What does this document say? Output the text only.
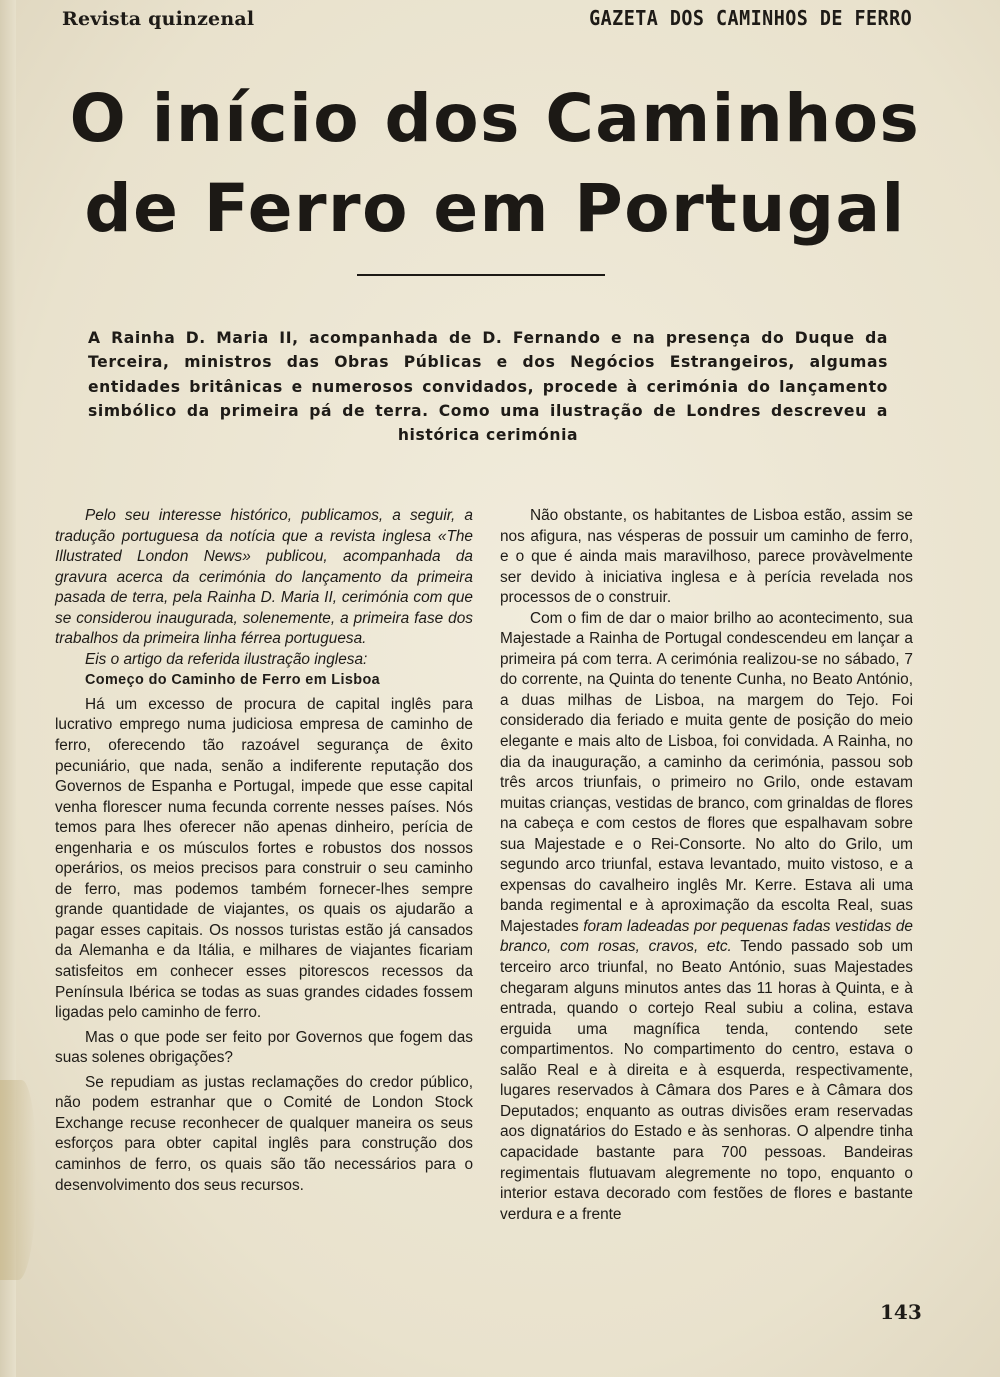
Revista quinzenal	GAZETA DOS CAMINHOS DE FERRO
O início dos Caminhos de Ferro em Portugal
A Rainha D. Maria II, acompanhada de D. Fernando e na presença do Duque da Terceira, ministros das Obras Públicas e dos Negócios Estrangeiros, algumas entidades britânicas e numerosos convidados, procede à cerimónia do lançamento simbólico da primeira pá de terra. Como uma ilustração de Londres descreveu a histórica cerimónia

Pelo seu interesse histórico, publicamos, a seguir, a tradução portuguesa da notícia que a revista inglesa «The Illustrated London News» publicou, acompanhada da gravura acerca da cerimónia do lançamento da primeira pasada de terra, pela Rainha D. Maria II, cerimónia com que se considerou inaugurada, solenemente, a primeira fase dos trabalhos da primeira linha férrea portuguesa.

Eis o artigo da referida ilustração inglesa:

Começo do Caminho de Ferro em Lisboa

Há um excesso de procura de capital inglês para lucrativo emprego numa judiciosa empresa de caminho de ferro, oferecendo tão razoável segurança de êxito pecuniário, que nada, senão a indiferente reputação dos Governos de Espanha e Portugal, impede que esse capital venha florescer numa fecunda corrente nesses países. Nós temos para lhes oferecer não apenas dinheiro, perícia de engenharia e os músculos fortes e robustos dos nossos operários, os meios precisos para construir o seu caminho de ferro, mas podemos também fornecer-lhes sempre grande quantidade de viajantes, os quais os ajudarão a pagar esses capitais. Os nossos turistas estão já cansados da Alemanha e da Itália, e milhares de viajantes ficariam satisfeitos em conhecer esses pitorescos recessos da Península Ibérica se todas as suas grandes cidades fossem ligadas pelo caminho de ferro.

Mas o que pode ser feito por Governos que fogem das suas solenes obrigações?

Se repudiam as justas reclamações do credor público, não podem estranhar que o Comité de London Stock Exchange recuse reconhecer de qualquer maneira os seus esforços para obter capital inglês para construção dos caminhos de ferro, os quais são tão necessários para o desenvolvimento dos seus recursos.

Não obstante, os habitantes de Lisboa estão, assim se nos afigura, nas vésperas de possuir um caminho de ferro, e o que é ainda mais maravilhoso, parece provàvelmente ser devido à iniciativa inglesa e à perícia revelada nos processos de o construir.

Com o fim de dar o maior brilho ao acontecimento, sua Majestade a Rainha de Portugal condescendeu em lançar a primeira pá com terra. A cerimónia realizou-se no sábado, 7 do corrente, na Quinta do tenente Cunha, no Beato António, a duas milhas de Lisboa, na margem do Tejo. Foi considerado dia feriado e muita gente de posição do meio elegante e mais alto de Lisboa, foi convidada. A Rainha, no dia da inauguração, a caminho da cerimónia, passou sob três arcos triunfais, o primeiro no Grilo, onde estavam muitas crianças, vestidas de branco, com grinaldas de flores na cabeça e com cestos de flores que espalhavam sobre sua Majestade e o Rei-Consorte. No alto do Grilo, um segundo arco triunfal, estava levantado, muito vistoso, e a expensas do cavalheiro inglês Mr. Kerre. Estava ali uma banda regimental e à aproximação da escolta Real, suas Majestades foram ladeadas por pequenas fadas vestidas de branco, com rosas, cravos, etc. Tendo passado sob um terceiro arco triunfal, no Beato António, suas Majestades chegaram alguns minutos antes das 11 horas à Quinta, e à entrada, quando o cortejo Real subiu a colina, estava erguida uma magnífica tenda, contendo sete compartimentos. No compartimento do centro, estava o salão Real e à direita e à esquerda, respectivamente, lugares reservados à Câmara dos Pares e à Câmara dos Deputados; enquanto as outras divisões eram reservadas aos dignatários do Estado e às senhoras. O alpendre tinha capacidade bastante para 700 pessoas. Bandeiras regimentais flutuavam alegremente no topo, enquanto o interior estava decorado com festões de flores e bastante verdura e a frente

143
